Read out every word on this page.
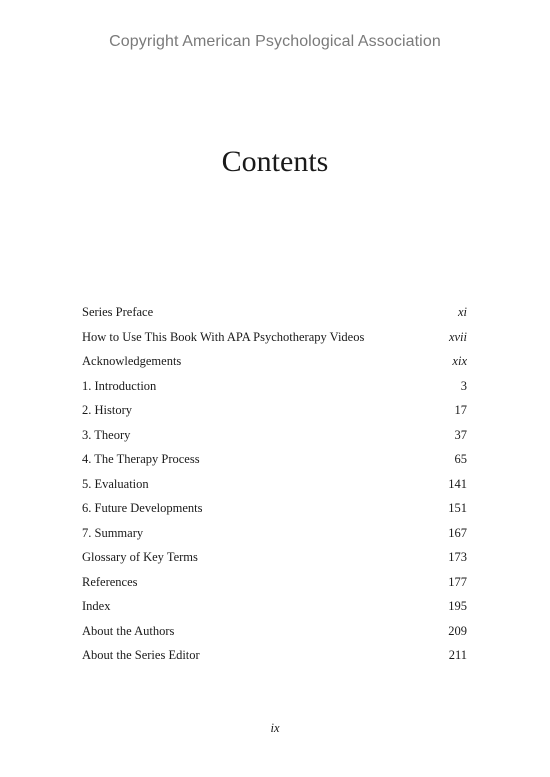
Copyright American Psychological Association
Contents
Series Preface	xi
How to Use This Book With APA Psychotherapy Videos	xvii
Acknowledgements	xix
1. Introduction	3
2. History	17
3. Theory	37
4. The Therapy Process	65
5. Evaluation	141
6. Future Developments	151
7. Summary	167
Glossary of Key Terms	173
References	177
Index	195
About the Authors	209
About the Series Editor	211
ix
